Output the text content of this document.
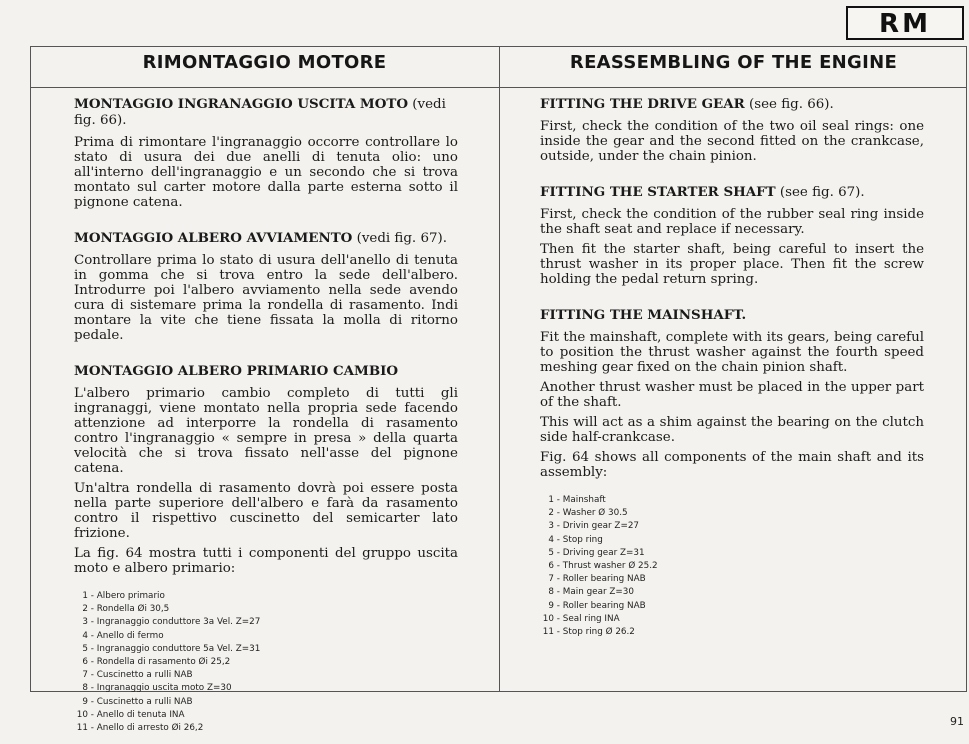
RM
RIMONTAGGIO MOTORE	REASSEMBLING OF THE ENGINE

MONTAGGIO INGRANAGGIO USCITA MOTO (vedi fig. 66).

Prima di rimontare l'ingranaggio occorre controllare lo stato di usura dei due anelli di tenuta olio: uno all'interno dell'ingranaggio e un secondo che si trova montato sul carter motore dalla parte esterna sotto il pignone catena.

MONTAGGIO ALBERO AVVIAMENTO (vedi fig. 67).

Controllare prima lo stato di usura dell'anello di tenuta in gomma che si trova entro la sede dell'albero. Introdurre poi l'albero avviamento nella sede avendo cura di sistemare prima la rondella di rasamento. Indi montare la vite che tiene fissata la molla di ritorno pedale.

MONTAGGIO ALBERO PRIMARIO CAMBIO

L'albero primario cambio completo di tutti gli ingranaggi, viene montato nella propria sede facendo attenzione ad interporre la rondella di rasamento contro l'ingranaggio « sempre in presa » della quarta velocità che si trova fissato nell'asse del pignone catena.

Un'altra rondella di rasamento dovrà poi essere posta nella parte superiore dell'albero e farà da rasamento contro il rispettivo cuscinetto del semicarter lato frizione.

La fig. 64 mostra tutti i componenti del gruppo uscita moto e albero primario:

1 - Albero primario
2 - Rondella Øi 30,5
3 - Ingranaggio conduttore 3a Vel. Z=27
4 - Anello di fermo
5 - Ingranaggio conduttore 5a Vel. Z=31
6 - Rondella di rasamento Øi 25,2
7 - Cuscinetto a rulli NAB
8 - Ingranaggio uscita moto Z=30
9 - Cuscinetto a rulli NAB
10 - Anello di tenuta INA
11 - Anello di arresto Øi 26,2

FITTING THE DRIVE GEAR (see fig. 66).

First, check the condition of the two oil seal rings: one inside the gear and the second fitted on the crankcase, outside, under the chain pinion.

FITTING THE STARTER SHAFT (see fig. 67).

First, check the condition of the rubber seal ring inside the shaft seat and replace if necessary.

Then fit the starter shaft, being careful to insert the thrust washer in its proper place. Then fit the screw holding the pedal return spring.

FITTING THE MAINSHAFT.

Fit the mainshaft, complete with its gears, being careful to position the thrust washer against the fourth speed meshing gear fixed on the chain pinion shaft.

Another thrust washer must be placed in the upper part of the shaft.

This will act as a shim against the bearing on the clutch side half-crankcase.

Fig. 64 shows all components of the main shaft and its assembly:

1 - Mainshaft
2 - Washer Ø 30.5
3 - Drivin gear Z=27
4 - Stop ring
5 - Driving gear Z=31
6 - Thrust washer Ø 25.2
7 - Roller bearing NAB
8 - Main gear Z=30
9 - Roller bearing NAB
10 - Seal ring INA
11 - Stop ring Ø 26.2
91
